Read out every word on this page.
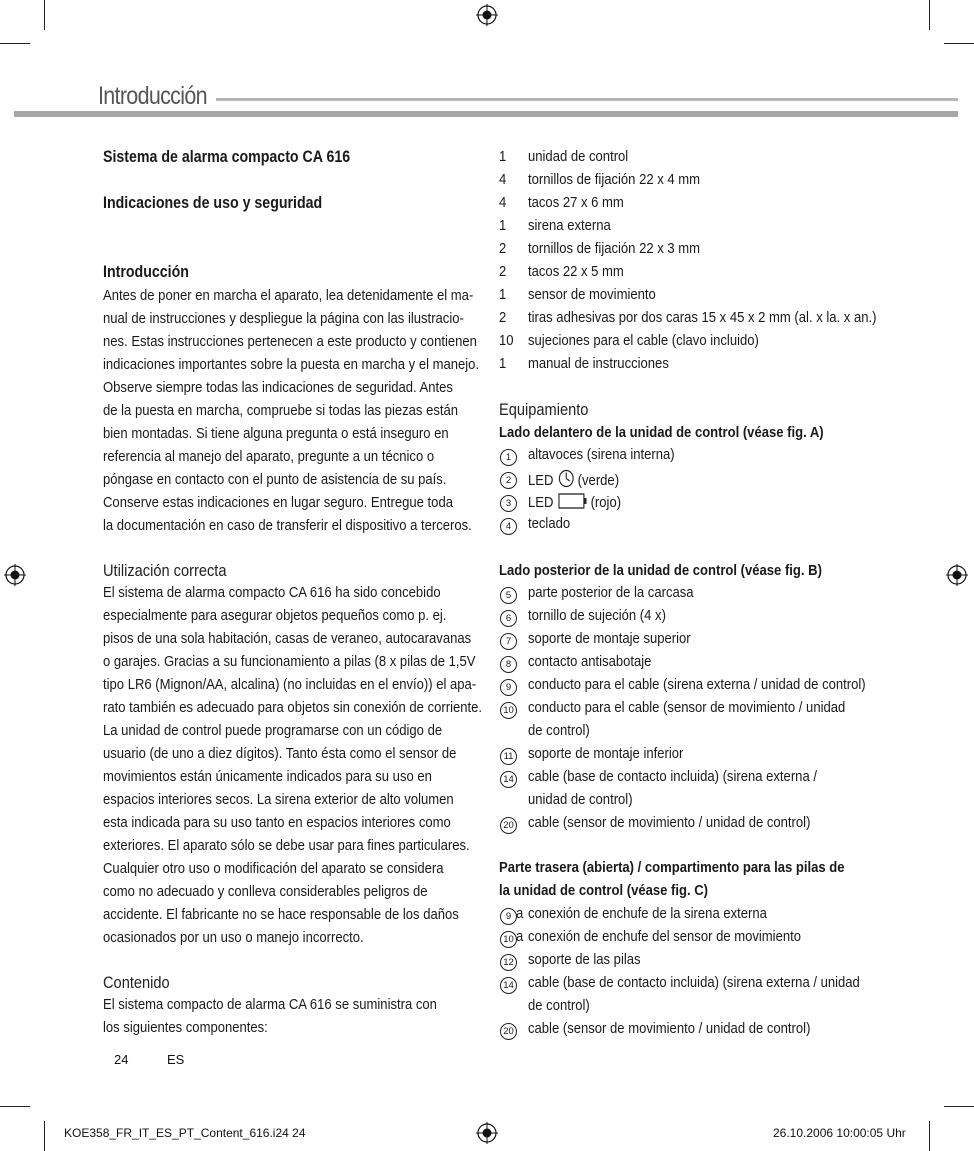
Introducción
Sistema de alarma compacto CA 616
Indicaciones de uso y seguridad
Introducción
Antes de poner en marcha el aparato, lea detenidamente el ma-
nual de instrucciones y despliegue la página con las ilustracio-
nes. Estas instrucciones pertenecen a este producto y contienen
indicaciones importantes sobre la puesta en marcha y el manejo.
Observe siempre todas las indicaciones de seguridad. Antes
de la puesta en marcha, compruebe si todas las piezas están
bien montadas. Si tiene alguna pregunta o está inseguro en
referencia al manejo del aparato, pregunte a un técnico o
póngase en contacto con el punto de asistencia de su país.
Conserve estas indicaciones en lugar seguro. Entregue toda
la documentación en caso de transferir el dispositivo a terceros.
Utilización correcta
El sistema de alarma compacto CA 616 ha sido concebido
especialmente para asegurar objetos pequeños como p. ej.
pisos de una sola habitación, casas de veraneo, autocaravanas
o garajes. Gracias a su funcionamiento a pilas (8 x pilas de 1,5V
tipo LR6 (Mignon/AA, alcalina) (no incluidas en el envío)) el apa-
rato también es adecuado para objetos sin conexión de corriente.
La unidad de control puede programarse con un código de
usuario (de uno a diez dígitos). Tanto ésta como el sensor de
movimientos están únicamente indicados para su uso en
espacios interiores secos. La sirena exterior de alto volumen
esta indicada para su uso tanto en espacios interiores como
exteriores. El aparato sólo se debe usar para fines particulares.
Cualquier otro uso o modificación del aparato se considera
como no adecuado y conlleva considerables peligros de
accidente. El fabricante no se hace responsable de los daños
ocasionados por un uso o manejo incorrecto.
Contenido
El sistema compacto de alarma CA 616 se suministra con
los siguientes componentes:
1 unidad de control
4 tornillos de fijación 22 x 4 mm
4 tacos 27 x 6 mm
1 sirena externa
2 tornillos de fijación 22 x 3 mm
2 tacos 22 x 5 mm
1 sensor de movimiento
2 tiras adhesivas por dos caras 15 x 45 x 2 mm (al. x la. x an.)
10 sujeciones para el cable (clavo incluido)
1 manual de instrucciones
Equipamiento
Lado delantero de la unidad de control (véase fig. A)
1	altavoces (sirena interna)
2	LED (verde)
3	LED (rojo)
4	teclado
Lado posterior de la unidad de control (véase fig. B)
5	parte posterior de la carcasa
6	tornillo de sujeción (4 x)
7	soporte de montaje superior
8	contacto antisabotaje
9	conducto para el cable (sirena externa / unidad de control)
10 conducto para el cable (sensor de movimiento / unidad
de control)
11 soporte de montaje inferior
14 cable (base de contacto incluida) (sirena externa /
unidad de control)
20 cable (sensor de movimiento / unidad de control)
Parte trasera (abierta) / compartimento para las pilas de
la unidad de control (véase fig. C)
9 a conexión de enchufe de la sirena externa
10 a conexión de enchufe del sensor de movimiento
12 soporte de las pilas
14 cable (base de contacto incluida) (sirena externa / unidad
de control)
20 cable (sensor de movimiento / unidad de control)
24	ES
KOE358_FR_IT_ES_PT_Content_616.i24 24	26.10.2006 10:00:05 Uhr
